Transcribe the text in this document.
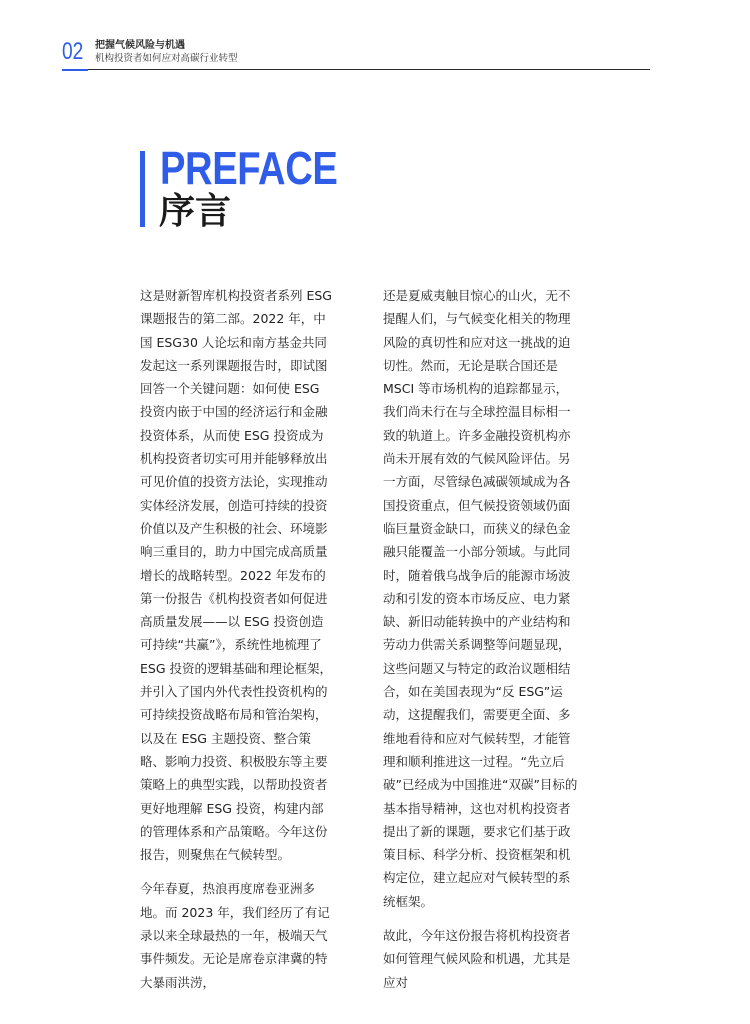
02 把握气候风险与机遇
机构投资者如何应对高碳行业转型
PREFACE
序言

这是财新智库机构投资者系列 ESG 课题报告的第二部。2022 年，中国 ESG30 人论坛和南方基金共同发起这一系列课题报告时，即试图回答一个关键问题：如何使 ESG 投资内嵌于中国的经济运行和金融投资体系，从而使 ESG 投资成为机构投资者切实可用并能够释放出可见价值的投资方法论，实现推动实体经济发展，创造可持续的投资价值以及产生积极的社会、环境影响三重目的，助力中国完成高质量增长的战略转型。2022 年发布的第一份报告《机构投资者如何促进高质量发展——以 ESG 投资创造可持续“共赢”》，系统性地梳理了 ESG 投资的逻辑基础和理论框架，并引入了国内外代表性投资机构的可持续投资战略布局和管治架构，以及在 ESG 主题投资、整合策略、影响力投资、积极股东等主要策略上的典型实践，以帮助投资者更好地理解 ESG 投资，构建内部的管理体系和产品策略。今年这份报告，则聚焦在气候转型。

今年春夏，热浪再度席卷亚洲多地。而 2023 年，我们经历了有记录以来全球最热的一年，极端天气事件频发。无论是席卷京津冀的特大暴雨洪涝，

还是夏威夷触目惊心的山火，无不提醒人们，与气候变化相关的物理风险的真切性和应对这一挑战的迫切性。然而，无论是联合国还是 MSCI 等市场机构的追踪都显示，我们尚未行在与全球控温目标相一致的轨道上。许多金融投资机构亦尚未开展有效的气候风险评估。另一方面，尽管绿色减碳领域成为各国投资重点，但气候投资领域仍面临巨量资金缺口，而狭义的绿色金融只能覆盖一小部分领域。与此同时，随着俄乌战争后的能源市场波动和引发的资本市场反应、电力紧缺、新旧动能转换中的产业结构和劳动力供需关系调整等问题显现，这些问题又与特定的政治议题相结合，如在美国表现为“反 ESG”运动，这提醒我们，需要更全面、多维地看待和应对气候转型，才能管理和顺利推进这一过程。“先立后破”已经成为中国推进“双碳”目标的基本指导精神，这也对机构投资者提出了新的课题，要求它们基于政策目标、科学分析、投资框架和机构定位，建立起应对气候转型的系统框架。

故此，今年这份报告将机构投资者如何管理气候风险和机遇，尤其是应对
